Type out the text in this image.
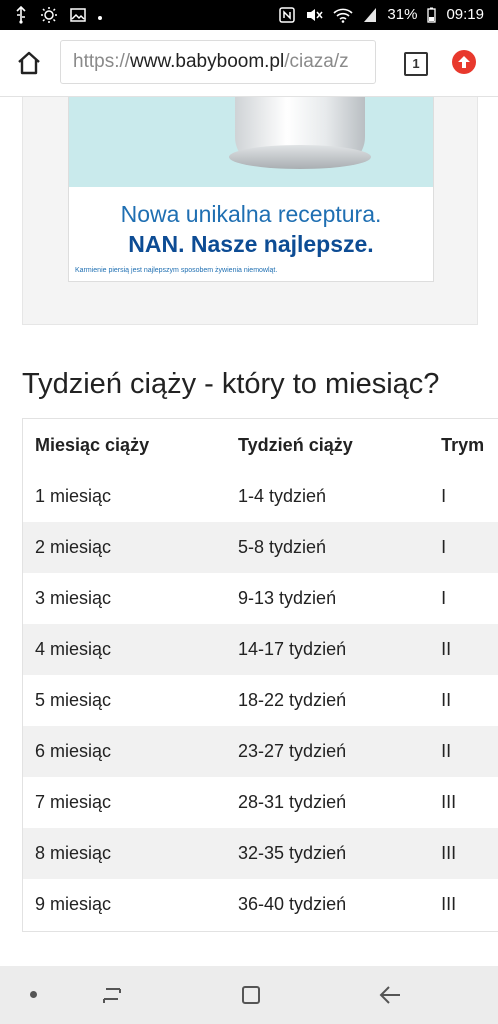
31% 09:19
https://www.babyboom.pl/ciaza/z	1
Nowa unikalna receptura.
NAN. Nasze najlepsze.
Karmienie piersią jest najlepszym sposobem żywienia niemowląt.
Tydzień ciąży - który to miesiąc?
Miesiąc ciąży	Tydzień ciąży	Trym
1 miesiąc	1-4 tydzień	I
2 miesiąc	5-8 tydzień	I
3 miesiąc	9-13 tydzień	I
4 miesiąc	14-17 tydzień	II
5 miesiąc	18-22 tydzień	II
6 miesiąc	23-27 tydzień	II
7 miesiąc	28-31 tydzień	III
8 miesiąc	32-35 tydzień	III
9 miesiąc	36-40 tydzień	III
